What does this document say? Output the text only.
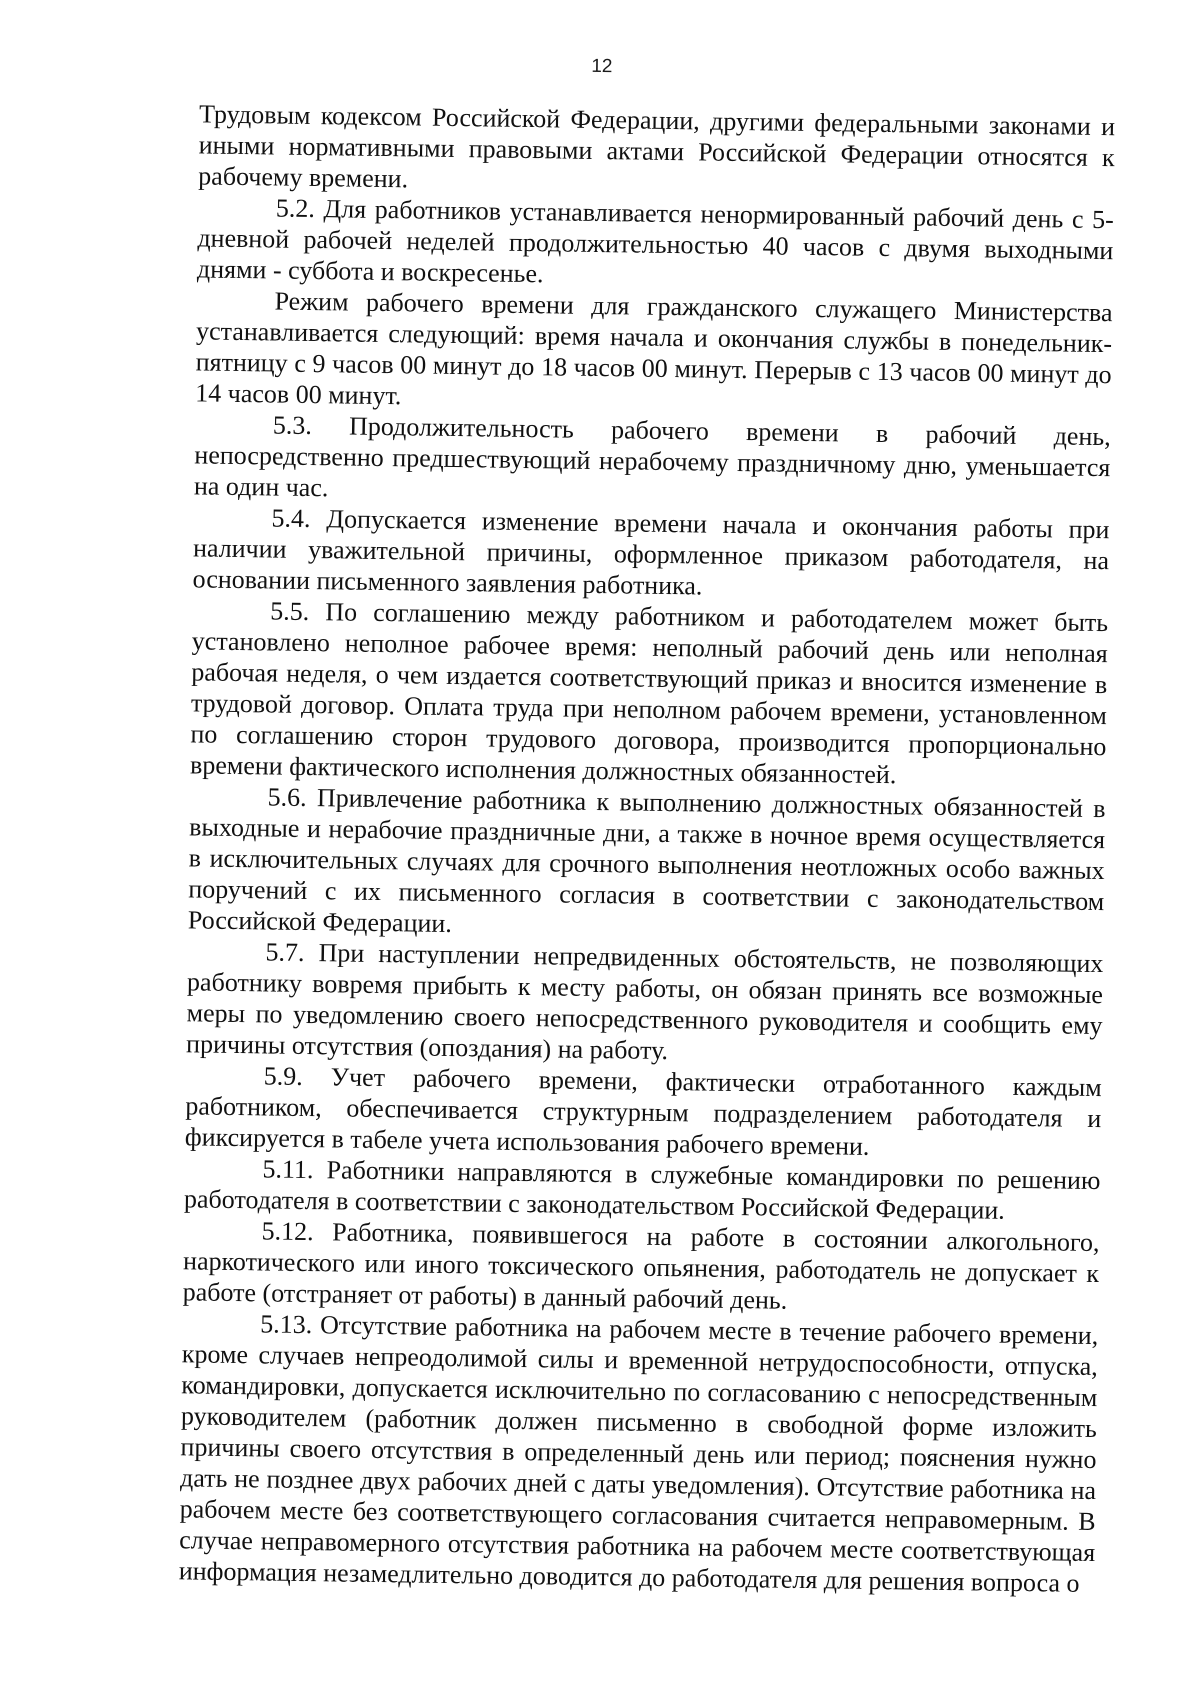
12

Трудовым кодексом Российской Федерации, другими федеральными законами и иными нормативными правовыми актами Российской Федерации относятся к рабочему времени.

5.2. Для работников устанавливается ненормированный рабочий день с 5-дневной рабочей неделей продолжительностью 40 часов с двумя выходными днями - суббота и воскресенье.

Режим рабочего времени для гражданского служащего Министерства устанавливается следующий: время начала и окончания службы в понедельник-пятницу с 9 часов 00 минут до 18 часов 00 минут. Перерыв с 13 часов 00 минут до 14 часов 00 минут.

5.3. Продолжительность рабочего времени в рабочий день, непосредственно предшествующий нерабочему праздничному дню, уменьшается на один час.

5.4. Допускается изменение времени начала и окончания работы при наличии уважительной причины, оформленное приказом работодателя, на основании письменного заявления работника.

5.5. По соглашению между работником и работодателем может быть установлено неполное рабочее время: неполный рабочий день или неполная рабочая неделя, о чем издается соответствующий приказ и вносится изменение в трудовой договор. Оплата труда при неполном рабочем времени, установленном по соглашению сторон трудового договора, производится пропорционально времени фактического исполнения должностных обязанностей.

5.6. Привлечение работника к выполнению должностных обязанностей в выходные и нерабочие праздничные дни, а также в ночное время осуществляется в исключительных случаях для срочного выполнения неотложных особо важных поручений с их письменного согласия в соответствии с законодательством Российской Федерации.

5.7. При наступлении непредвиденных обстоятельств, не позволяющих работнику вовремя прибыть к месту работы, он обязан принять все возможные меры по уведомлению своего непосредственного руководителя и сообщить ему причины отсутствия (опоздания) на работу.

5.9. Учет рабочего времени, фактически отработанного каждым работником, обеспечивается структурным подразделением работодателя и фиксируется в табеле учета использования рабочего времени.

5.11. Работники направляются в служебные командировки по решению работодателя в соответствии с законодательством Российской Федерации.

5.12. Работника, появившегося на работе в состоянии алкогольного, наркотического или иного токсического опьянения, работодатель не допускает к работе (отстраняет от работы) в данный рабочий день.

5.13. Отсутствие работника на рабочем месте в течение рабочего времени, кроме случаев непреодолимой силы и временной нетрудоспособности, отпуска, командировки, допускается исключительно по согласованию с непосредственным руководителем (работник должен письменно в свободной форме изложить причины своего отсутствия в определенный день или период; пояснения нужно дать не позднее двух рабочих дней с даты уведомления). Отсутствие работника на рабочем месте без соответствующего согласования считается неправомерным. В случае неправомерного отсутствия работника на рабочем месте соответствующая информация незамедлительно доводится до работодателя для решения вопроса о
